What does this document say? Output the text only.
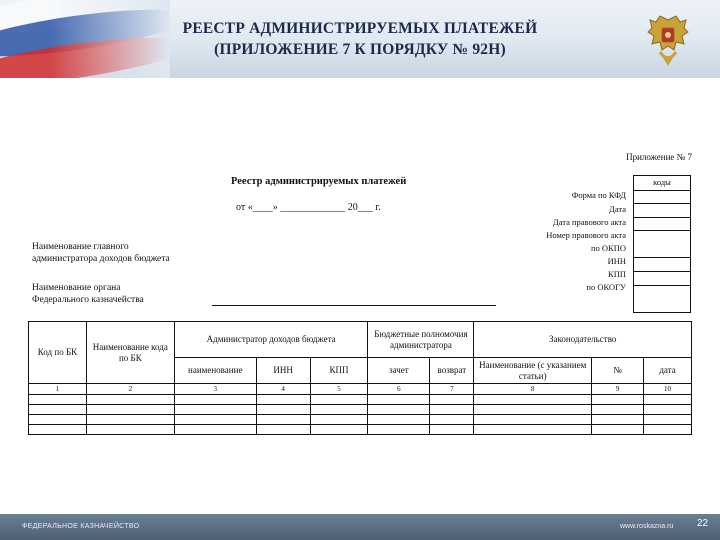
РЕЕСТР АДМИНИСТРИРУЕМЫХ ПЛАТЕЖЕЙ
(ПРИЛОЖЕНИЕ 7 К ПОРЯДКУ № 92Н)
Приложение № 7
Реестр администрируемых платежей
от «____» _____________ 20___ г.
Наименование главного
администратора доходов бюджета
Наименование органа
Федерального казначейства
Форма по КФД
Дата
Дата правового акта
Номер правового акта
по ОКПО
ИНН
КПП
по ОКОГУ
коды
Код по БК	Наименование кода по БК	Администратор доходов бюджета			Бюджетные полномочия администратора		Законодательство		
		наименование	ИНН	КПП	зачет	возврат	Наименование (с указанием статьи)	№	дата
1	2	3	4	5	6	7	8	9	10

ФЕДЕРАЛЬНОЕ КАЗНАЧЕЙСТВО	www.roskazna.ru 22
